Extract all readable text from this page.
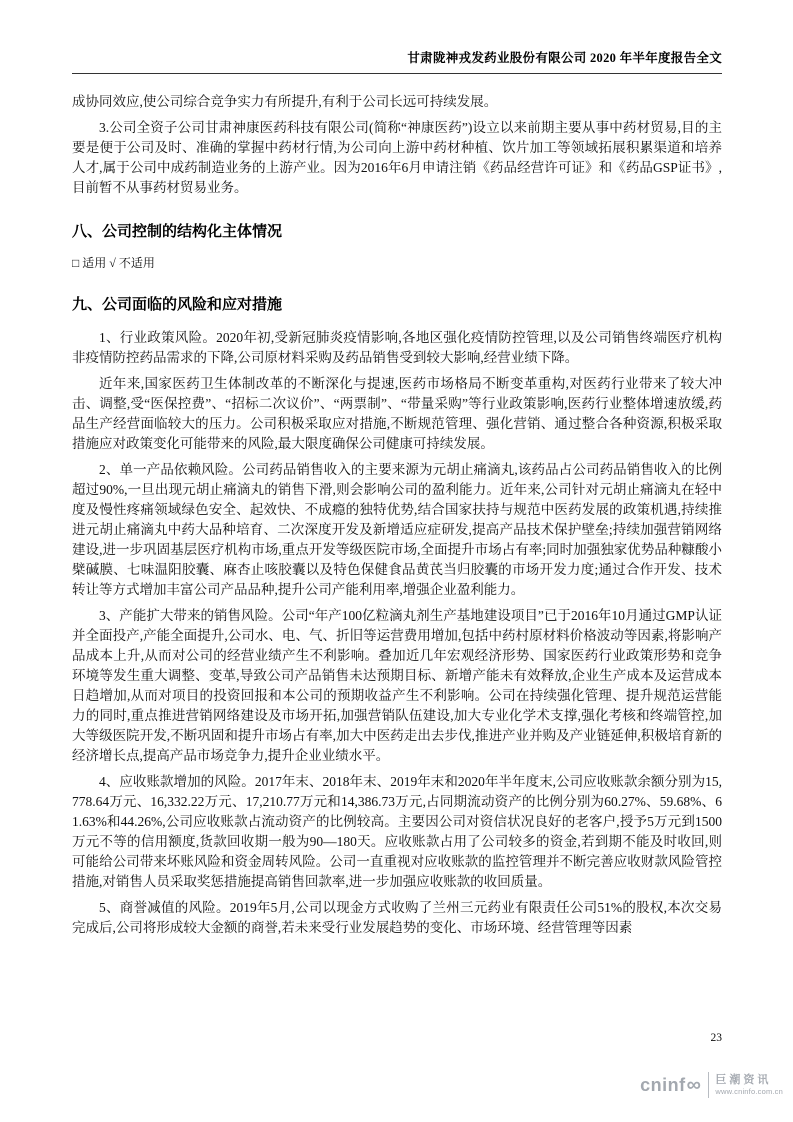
甘肃陇神戎发药业股份有限公司 2020 年半年度报告全文

成协同效应,使公司综合竞争实力有所提升,有利于公司长远可持续发展。

3.公司全资子公司甘肃神康医药科技有限公司(简称“神康医药”)设立以来前期主要从事中药材贸易,目的主要是便于公司及时、准确的掌握中药材行情,为公司向上游中药材种植、饮片加工等领域拓展积累渠道和培养人才,属于公司中成药制造业务的上游产业。因为2016年6月申请注销《药品经营许可证》和《药品GSP证书》,目前暂不从事药材贸易业务。

八、公司控制的结构化主体情况

□ 适用 √ 不适用

九、公司面临的风险和应对措施

1、行业政策风险。2020年初,受新冠肺炎疫情影响,各地区强化疫情防控管理,以及公司销售终端医疗机构非疫情防控药品需求的下降,公司原材料采购及药品销售受到较大影响,经营业绩下降。

近年来,国家医药卫生体制改革的不断深化与提速,医药市场格局不断变革重构,对医药行业带来了较大冲击、调整,受“医保控费”、“招标二次议价”、“两票制”、“带量采购”等行业政策影响,医药行业整体增速放缓,药品生产经营面临较大的压力。公司积极采取应对措施,不断规范管理、强化营销、通过整合各种资源,积极采取措施应对政策变化可能带来的风险,最大限度确保公司健康可持续发展。

2、单一产品依赖风险。公司药品销售收入的主要来源为元胡止痛滴丸,该药品占公司药品销售收入的比例超过90%,一旦出现元胡止痛滴丸的销售下滑,则会影响公司的盈利能力。近年来,公司针对元胡止痛滴丸在轻中度及慢性疼痛领域绿色安全、起效快、不成瘾的独特优势,结合国家扶持与规范中医药发展的政策机遇,持续推进元胡止痛滴丸中药大品种培育、二次深度开发及新增适应症研发,提高产品技术保护壁垒;持续加强营销网络建设,进一步巩固基层医疗机构市场,重点开发等级医院市场,全面提升市场占有率;同时加强独家优势品种糠酸小檗碱膜、七味温阳胶囊、麻杏止咳胶囊以及特色保健食品黄芪当归胶囊的市场开发力度;通过合作开发、技术转让等方式增加丰富公司产品品种,提升公司产能利用率,增强企业盈利能力。

3、产能扩大带来的销售风险。公司“年产100亿粒滴丸剂生产基地建设项目”已于2016年10月通过GMP认证并全面投产,产能全面提升,公司水、电、气、折旧等运营费用增加,包括中药村原材料价格波动等因素,将影响产品成本上升,从而对公司的经营业绩产生不利影响。叠加近几年宏观经济形势、国家医药行业政策形势和竞争环境等发生重大调整、变革,导致公司产品销售未达预期目标、新增产能未有效释放,企业生产成本及运营成本日趋增加,从而对项目的投资回报和本公司的预期收益产生不利影响。公司在持续强化管理、提升规范运营能力的同时,重点推进营销网络建设及市场开拓,加强营销队伍建设,加大专业化学术支撑,强化考核和终端管控,加大等级医院开发,不断巩固和提升市场占有率,加大中医药走出去步伐,推进产业并购及产业链延伸,积极培育新的经济增长点,提高产品市场竞争力,提升企业业绩水平。

4、应收账款增加的风险。2017年末、2018年末、2019年末和2020年半年度末,公司应收账款余额分别为15,778.64万元、16,332.22万元、17,210.77万元和14,386.73万元,占同期流动资产的比例分别为60.27%、59.68%、61.63%和44.26%,公司应收账款占流动资产的比例较高。主要因公司对资信状况良好的老客户,授予5万元到1500万元不等的信用额度,货款回收期一般为90—180天。应收账款占用了公司较多的资金,若到期不能及时收回,则可能给公司带来坏账风险和资金周转风险。公司一直重视对应收账款的监控管理并不断完善应收财款风险管控措施,对销售人员采取奖惩措施提高销售回款率,进一步加强应收账款的收回质量。

5、商誉减值的风险。2019年5月,公司以现金方式收购了兰州三元药业有限责任公司51%的股权,本次交易完成后,公司将形成较大金额的商誉,若未来受行业发展趋势的变化、市场环境、经营管理等因素

23
cninf ∞ 巨潮资讯
www.cninfo.com.cn
